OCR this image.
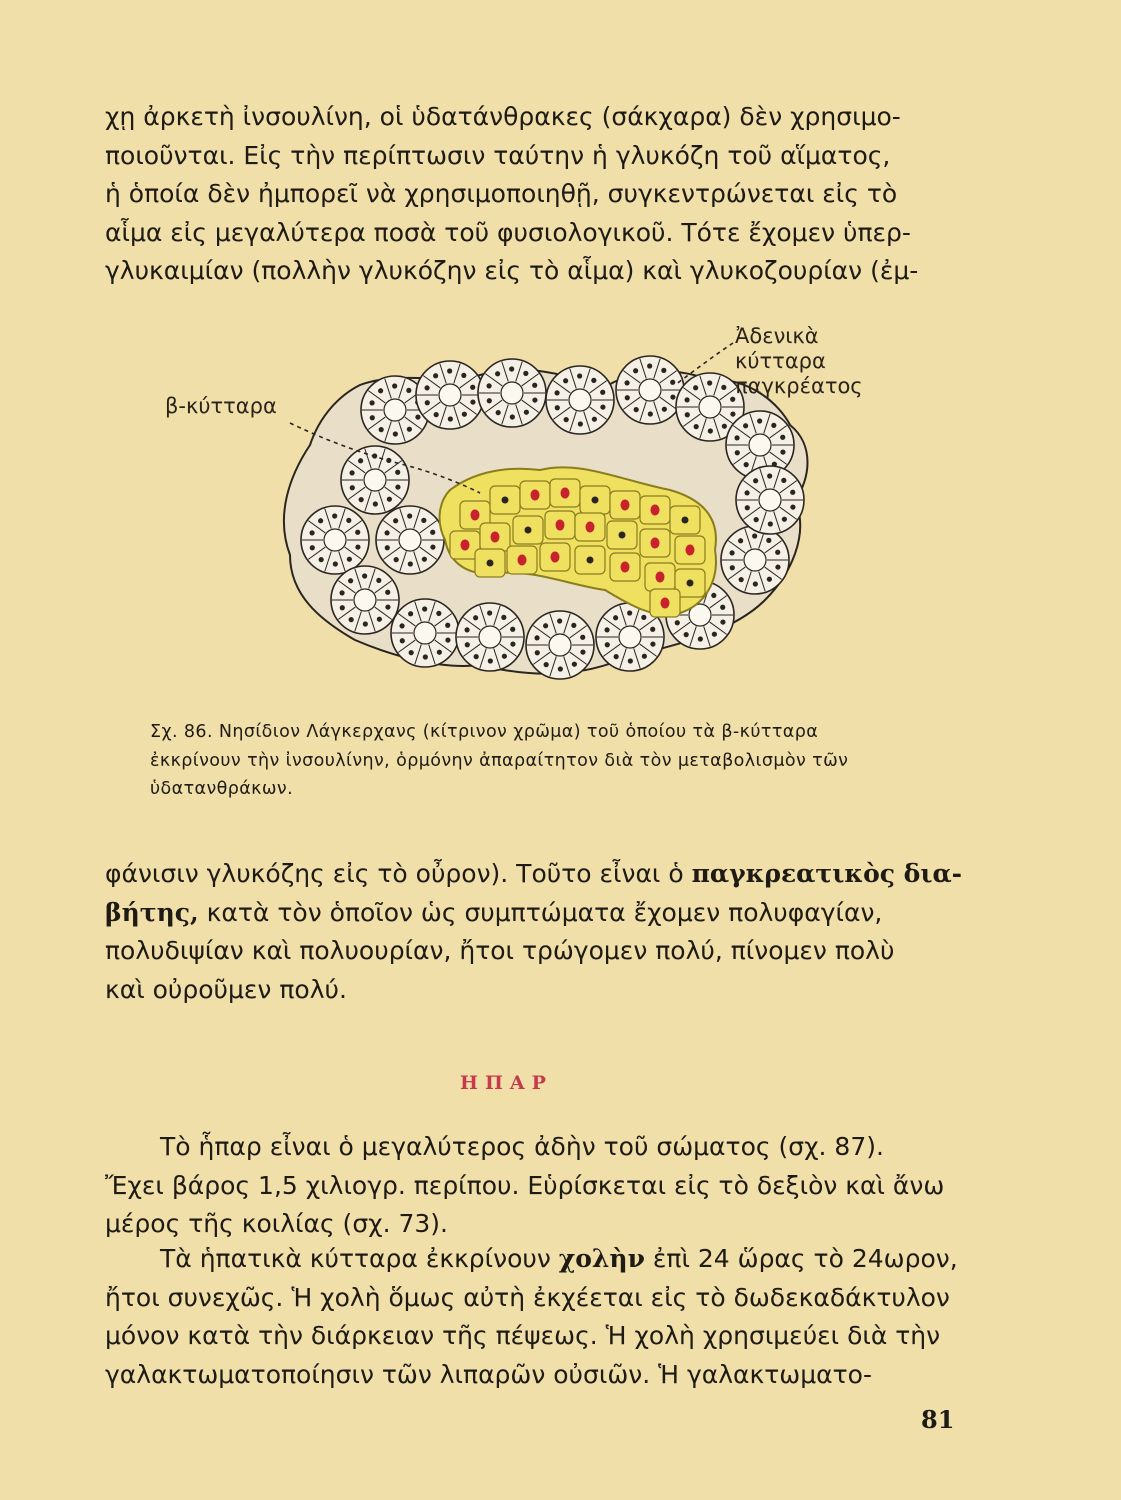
χῃ ἀρκετὴ ἰνσουλίνη, οἱ ὑδατάνθρακες (σάκχαρα) δὲν χρησιμο-
ποιοῦνται. Εἰς τὴν περίπτωσιν ταύτην ἡ γλυκόζη τοῦ αἵματος,
ἡ ὁποία δὲν ἠμπορεῖ νὰ χρησιμοποιηθῇ, συγκεντρώνεται εἰς τὸ
αἷμα εἰς μεγαλύτερα ποσὰ τοῦ φυσιολογικοῦ. Τότε ἔχομεν ὑπερ-
γλυκαιμίαν (πολλὴν γλυκόζην εἰς τὸ αἷμα) καὶ γλυκοζουρίαν (ἐμ-

β-κύτταρα
Ἀδενικὰ
κύτταρα
παγκρέατος

Σχ. 86. Νησίδιον Λάγκερχανς (κίτρινον χρῶμα) τοῦ ὁποίου τὰ β-κύτταρα
ἐκκρίνουν τὴν ἰνσουλίνην, ὁρμόνην ἀπαραίτητον διὰ τὸν μεταβολισμὸν τῶν
ὑδατανθράκων.

φάνισιν γλυκόζης εἰς τὸ οὖρον). Τοῦτο εἶναι ὁ παγκρεατικὸς δια-
βήτης, κατὰ τὸν ὁποῖον ὡς συμπτώματα ἔχομεν πολυφαγίαν,
πολυδιψίαν καὶ πολυουρίαν, ἤτοι τρώγομεν πολύ, πίνομεν πολὺ
καὶ οὐροῦμεν πολύ.

ΗΠΑΡ

Τὸ ἧπαρ εἶναι ὁ μεγαλύτερος ἀδὴν τοῦ σώματος (σχ. 87).
Ἔχει βάρος 1,5 χιλιογρ. περίπου. Εὑρίσκεται εἰς τὸ δεξιὸν καὶ ἄνω
μέρος τῆς κοιλίας (σχ. 73).

Τὰ ἡπατικὰ κύτταρα ἐκκρίνουν χολὴν ἐπὶ 24 ὥρας τὸ 24ωρον,
ἤτοι συνεχῶς. Ἡ χολὴ ὅμως αὐτὴ ἐκχέεται εἰς τὸ δωδεκαδάκτυλον
μόνον κατὰ τὴν διάρκειαν τῆς πέψεως. Ἡ χολὴ χρησιμεύει διὰ τὴν
γαλακτωματοποίησιν τῶν λιπαρῶν οὐσιῶν. Ἡ γαλακτωματο-

81
